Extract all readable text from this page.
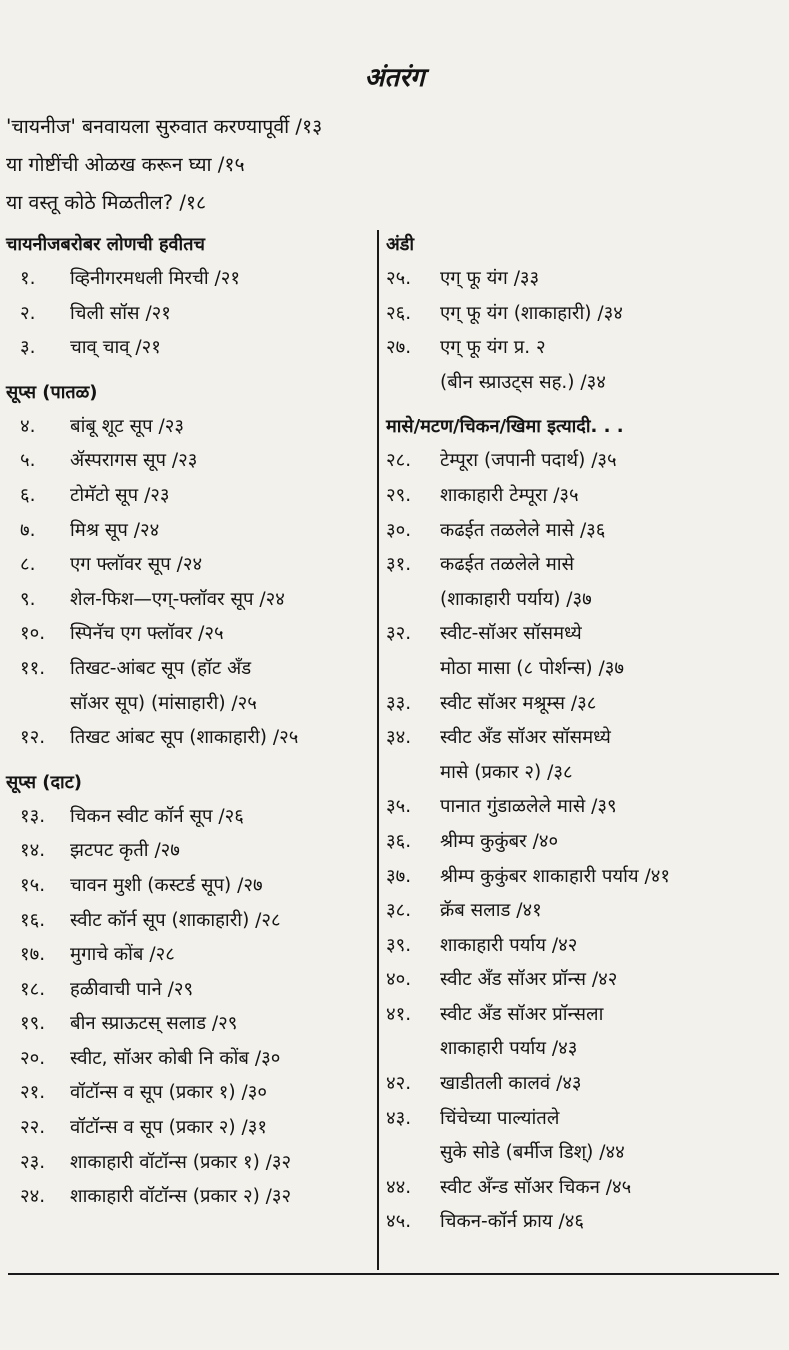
अंतरंग
'चायनीज' बनवायला सुरुवात करण्यापूर्वी /१३
या गोष्टींची ओळख करून घ्या /१५
या वस्तू कोठे मिळतील? /१८
चायनीजबरोबर लोणची हवीतच
१.	व्हिनीगरमधली मिरची /२१
२.	चिली सॉस /२१
३.	चाव् चाव् /२१
सूप्स (पातळ)
४.	बांबू शूट सूप /२३
५.	ॲस्परागस सूप /२३
६.	टोमॅटो सूप /२३
७.	मिश्र सूप /२४
८.	एग फ्लॉवर सूप /२४
९.	शेल-फिश—एग्-फ्लॉवर सूप /२४
१०.	स्पिनॅच एग फ्लॉवर /२५
११.	तिखट-आंबट सूप (हॉट अँड
सॉअर सूप) (मांसाहारी) /२५
१२.	तिखट आंबट सूप (शाकाहारी) /२५
सूप्स (दाट)
१३.	चिकन स्वीट कॉर्न सूप /२६
१४.	झटपट कृती /२७
१५.	चावन मुशी (कस्टर्ड सूप) /२७
१६.	स्वीट कॉर्न सूप (शाकाहारी) /२८
१७.	मुगाचे कोंब /२८
१८.	हळीवाची पाने /२९
१९.	बीन स्प्राऊटस् सलाड /२९
२०.	स्वीट, सॉअर कोबी नि कोंब /३०
२१.	वॉटॉन्स व सूप (प्रकार १) /३०
२२.	वॉटॉन्स व सूप (प्रकार २) /३१
२३.	शाकाहारी वॉटॉन्स (प्रकार १) /३२
२४.	शाकाहारी वॉटॉन्स (प्रकार २) /३२
अंडी
२५.	एग् फू यंग /३३
२६.	एग् फू यंग (शाकाहारी) /३४
२७.	एग् फू यंग प्र. २
(बीन स्प्राउट्स सह.) /३४
मासे/मटण/चिकन/खिमा इत्यादी. . .
२८.	टेम्पूरा (जपानी पदार्थ) /३५
२९.	शाकाहारी टेम्पूरा /३५
३०.	कढईत तळलेले मासे /३६
३१.	कढईत तळलेले मासे
(शाकाहारी पर्याय) /३७
३२.	स्वीट-सॉअर सॉसमध्ये
मोठा मासा (८ पोर्शन्स) /३७
३३.	स्वीट सॉअर मश्रूम्स /३८
३४.	स्वीट अँड सॉअर सॉसमध्ये
मासे (प्रकार २) /३८
३५.	पानात गुंडाळलेले मासे /३९
३६.	श्रीम्प कुकुंबर /४०
३७.	श्रीम्प कुकुंबर शाकाहारी पर्याय /४१
३८.	क्रॅब सलाड /४१
३९.	शाकाहारी पर्याय /४२
४०.	स्वीट अँड सॉअर प्रॉन्स /४२
४१.	स्वीट अँड सॉअर प्रॉन्सला
शाकाहारी पर्याय /४३
४२.	खाडीतली कालवं /४३
४३.	चिंचेच्या पाल्यांतले
सुके सोडे (बर्मीज डिश्) /४४
४४.	स्वीट अँन्ड सॉअर चिकन /४५
४५.	चिकन-कॉर्न फ्राय /४६
